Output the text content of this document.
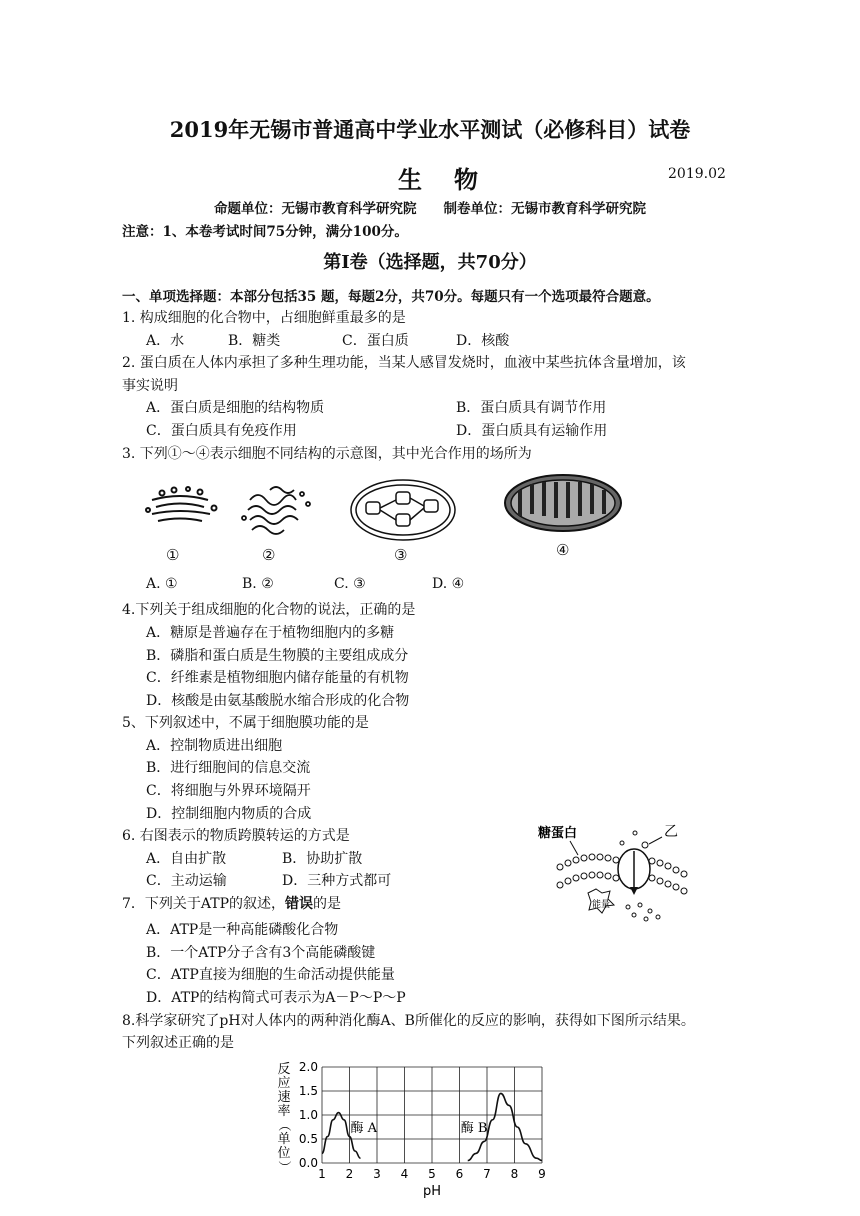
2019年无锡市普通高中学业水平测试（必修科目）试卷
生物	2019.02
命题单位：无锡市教育科学研究院　　制卷单位：无锡市教育科学研究院
注意：1、本卷考试时间75分钟，满分100分。
第Ⅰ卷（选择题，共70分）
一、单项选择题：本部分包括35 题，每题2分，共70分。每题只有一个选项最符合题意。
1. 构成细胞的化合物中，占细胞鲜重最多的是
A．水	B．糖类	C．蛋白质	D．核酸
2. 蛋白质在人体内承担了多种生理功能，当某人感冒发烧时，血液中某些抗体含量增加，该
事实说明
A．蛋白质是细胞的结构物质	B．蛋白质具有调节作用
C．蛋白质具有免疫作用	D．蛋白质具有运输作用
3. 下列①～④表示细胞不同结构的示意图，其中光合作用的场所为
①	②	③	④
A. ①	B. ②	C. ③	D. ④
4.下列关于组成细胞的化合物的说法，正确的是
A．糖原是普遍存在于植物细胞内的多糖
B．磷脂和蛋白质是生物膜的主要组成成分
C．纤维素是植物细胞内储存能量的有机物
D．核酸是由氨基酸脱水缩合形成的化合物
5、下列叙述中，不属于细胞膜功能的是
A．控制物质进出细胞
B．进行细胞间的信息交流
C．将细胞与外界环境隔开
D．控制细胞内物质的合成
6. 右图表示的物质跨膜转运的方式是
A．自由扩散	B．协助扩散
C．主动运输	D．三种方式都可
糖蛋白	乙
能量
7．下列关于ATP的叙述，错误的是
A．ATP是一种高能磷酸化合物
B．一个ATP分子含有3个高能磷酸键
C．ATP直接为细胞的生命活动提供能量
D．ATP的结构简式可表示为A－P～P～P
8.科学家研究了pH对人体内的两种消化酶A、B所催化的反应的影响，获得如下图所示结果。
下列叙述正确的是
0.0
0.5
1.0
1.5
2.0
1 2 3 4 5 6 7 8 9
酶 A	酶 B
反
应
速
率
（
单
位
）
pH
